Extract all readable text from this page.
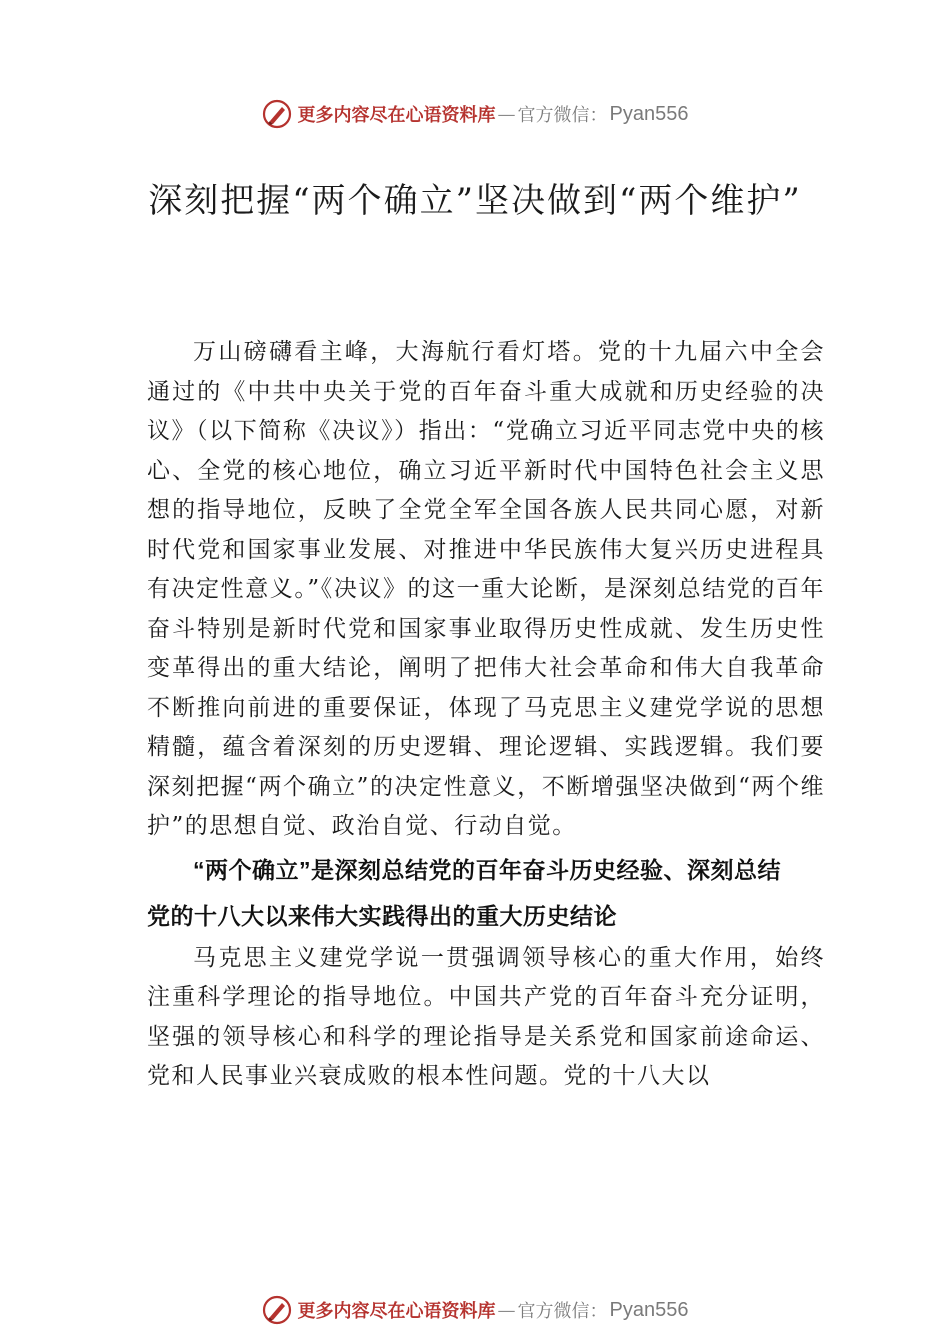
更多内容尽在心语资料库 — 官方微信： Pyan556
深刻把握“两个确立”坚决做到“两个维护”

万山磅礴看主峰，大海航行看灯塔。党的十九届六中全会通过的《中共中央关于党的百年奋斗重大成就和历史经验的决议》（以下简称《决议》）指出：“党确立习近平同志党中央的核心、全党的核心地位，确立习近平新时代中国特色社会主义思想的指导地位，反映了全党全军全国各族人民共同心愿，对新时代党和国家事业发展、对推进中华民族伟大复兴历史进程具有决定性意义。”《决议》的这一重大论断，是深刻总结党的百年奋斗特别是新时代党和国家事业取得历史性成就、发生历史性变革得出的重大结论，阐明了把伟大社会革命和伟大自我革命不断推向前进的重要保证，体现了马克思主义建党学说的思想精髓，蕴含着深刻的历史逻辑、理论逻辑、实践逻辑。我们要深刻把握“两个确立”的决定性意义，不断增强坚决做到“两个维护”的思想自觉、政治自觉、行动自觉。

“两个确立”是深刻总结党的百年奋斗历史经验、深刻总结党的十八大以来伟大实践得出的重大历史结论

马克思主义建党学说一贯强调领导核心的重大作用，始终注重科学理论的指导地位。中国共产党的百年奋斗充分证明，坚强的领导核心和科学的理论指导是关系党和国家前途命运、党和人民事业兴衰成败的根本性问题。党的十八大以

更多内容尽在心语资料库 — 官方微信： Pyan556
